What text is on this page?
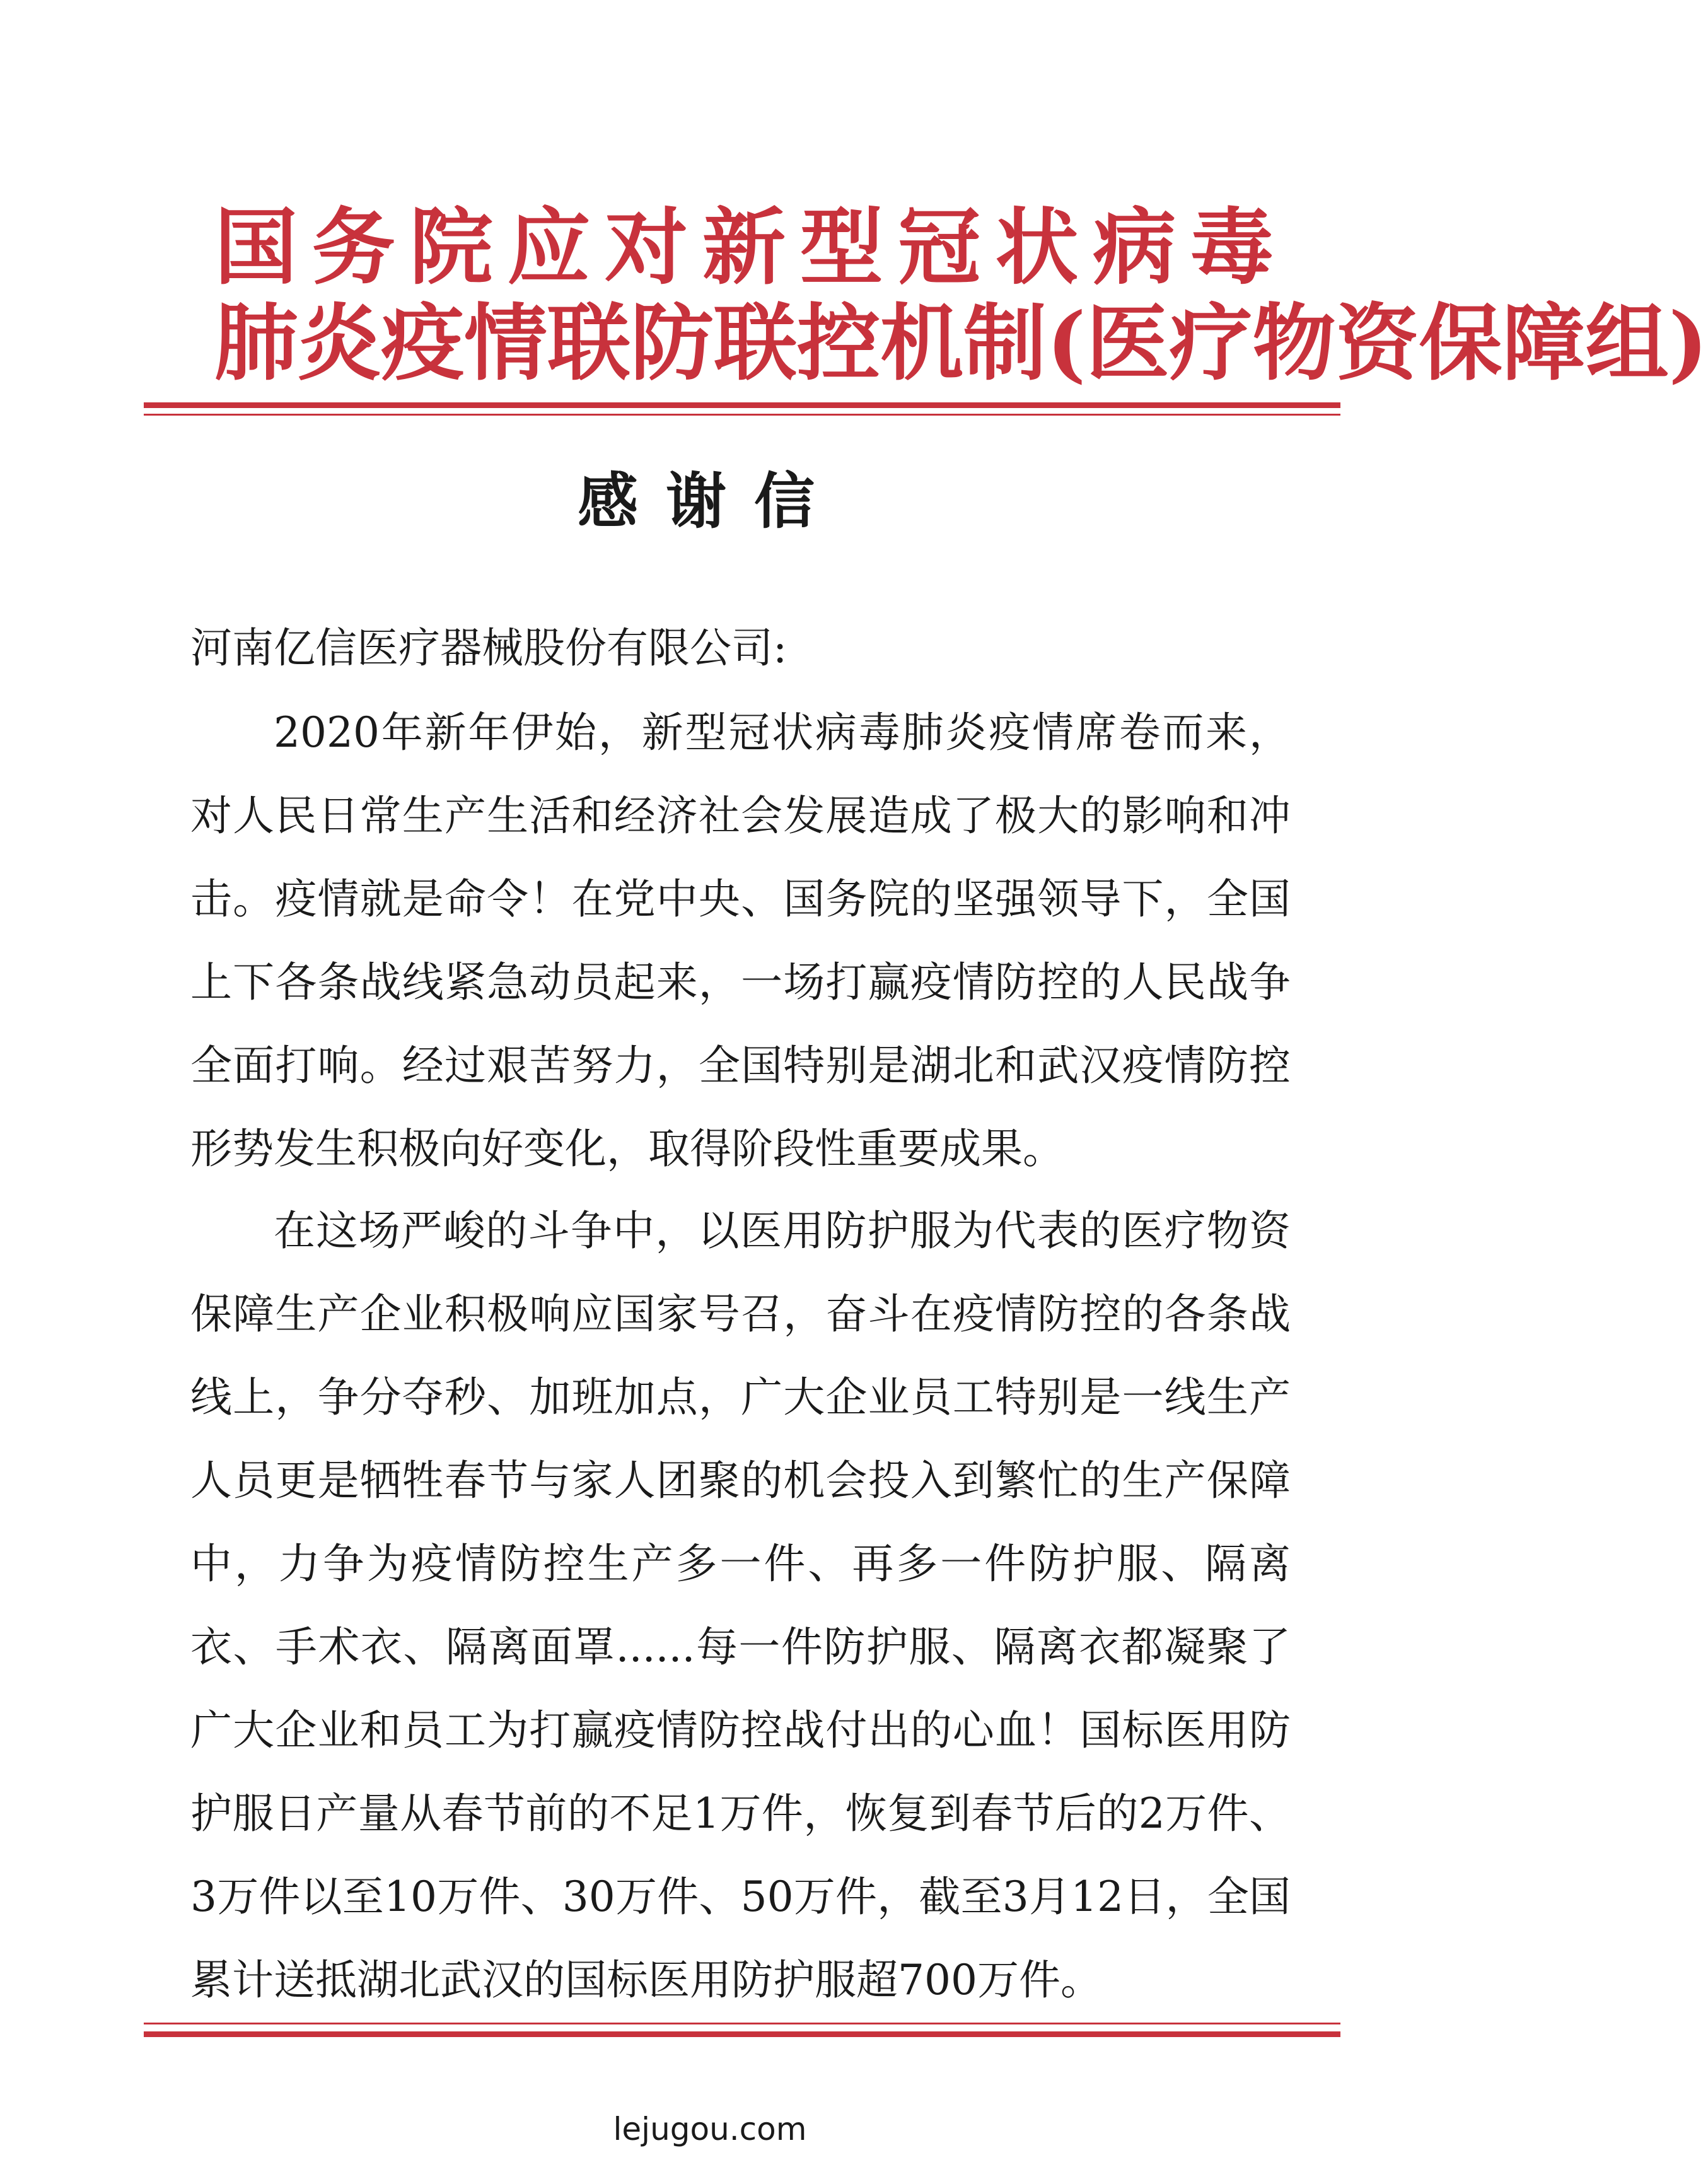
国务院应对新型冠状病毒
肺炎疫情联防联控机制(医疗物资保障组)
感谢信

河南亿信医疗器械股份有限公司:

2020年新年伊始，新型冠状病毒肺炎疫情席卷而来，对人民日常生产生活和经济社会发展造成了极大的影响和冲击。疫情就是命令！在党中央、国务院的坚强领导下，全国上下各条战线紧急动员起来，一场打赢疫情防控的人民战争全面打响。经过艰苦努力，全国特别是湖北和武汉疫情防控形势发生积极向好变化，取得阶段性重要成果。

在这场严峻的斗争中，以医用防护服为代表的医疗物资保障生产企业积极响应国家号召，奋斗在疫情防控的各条战线上，争分夺秒、加班加点，广大企业员工特别是一线生产人员更是牺牲春节与家人团聚的机会投入到繁忙的生产保障中，力争为疫情防控生产多一件、再多一件防护服、隔离衣、手术衣、隔离面罩......每一件防护服、隔离衣都凝聚了广大企业和员工为打赢疫情防控战付出的心血！国标医用防护服日产量从春节前的不足1万件，恢复到春节后的2万件、3万件以至10万件、30万件、50万件，截至3月12日，全国累计送抵湖北武汉的国标医用防护服超700万件。

lejugou.com
